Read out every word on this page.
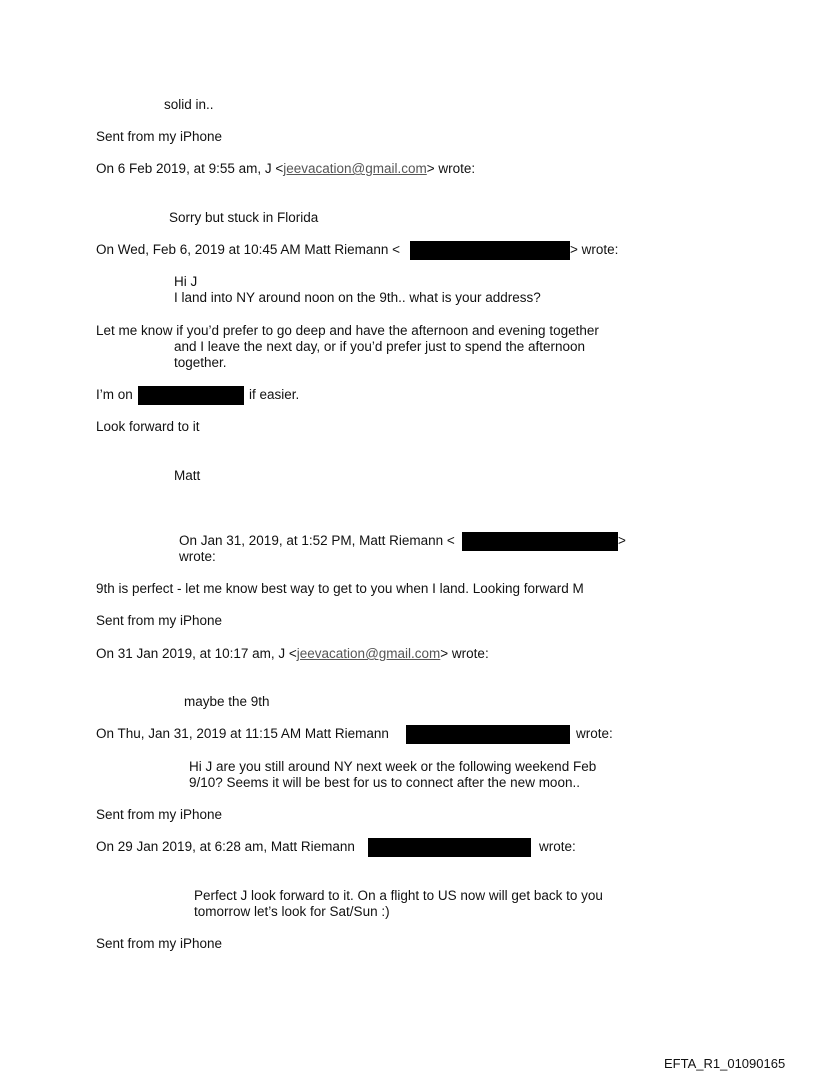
solid in..
Sent from my iPhone
On 6 Feb 2019, at 9:55 am, J <jeevacation@gmail.com> wrote:
Sorry but stuck in Florida
On Wed, Feb 6, 2019 at 10:45 AM Matt Riemann <	> wrote:
Hi J
I land into NY around noon on the 9th.. what is your address?
Let me know if you’d prefer to go deep and have the afternoon and evening together
and I leave the next day, or if you’d prefer just to spend the afternoon
together.
I’m on	if easier.
Look forward to it
Matt
On Jan 31, 2019, at 1:52 PM, Matt Riemann <	>
wrote:
9th is perfect - let me know best way to get to you when I land. Looking forward M
Sent from my iPhone
On 31 Jan 2019, at 10:17 am, J <jeevacation@gmail.com> wrote:
maybe the 9th
On Thu, Jan 31, 2019 at 11:15 AM Matt Riemann	wrote:
Hi J are you still around NY next week or the following weekend Feb
9/10? Seems it will be best for us to connect after the new moon..
Sent from my iPhone
On 29 Jan 2019, at 6:28 am, Matt Riemann	wrote:
Perfect J look forward to it. On a flight to US now will get back to you
tomorrow let’s look for Sat/Sun :)
Sent from my iPhone
EFTA_R1_01090165
